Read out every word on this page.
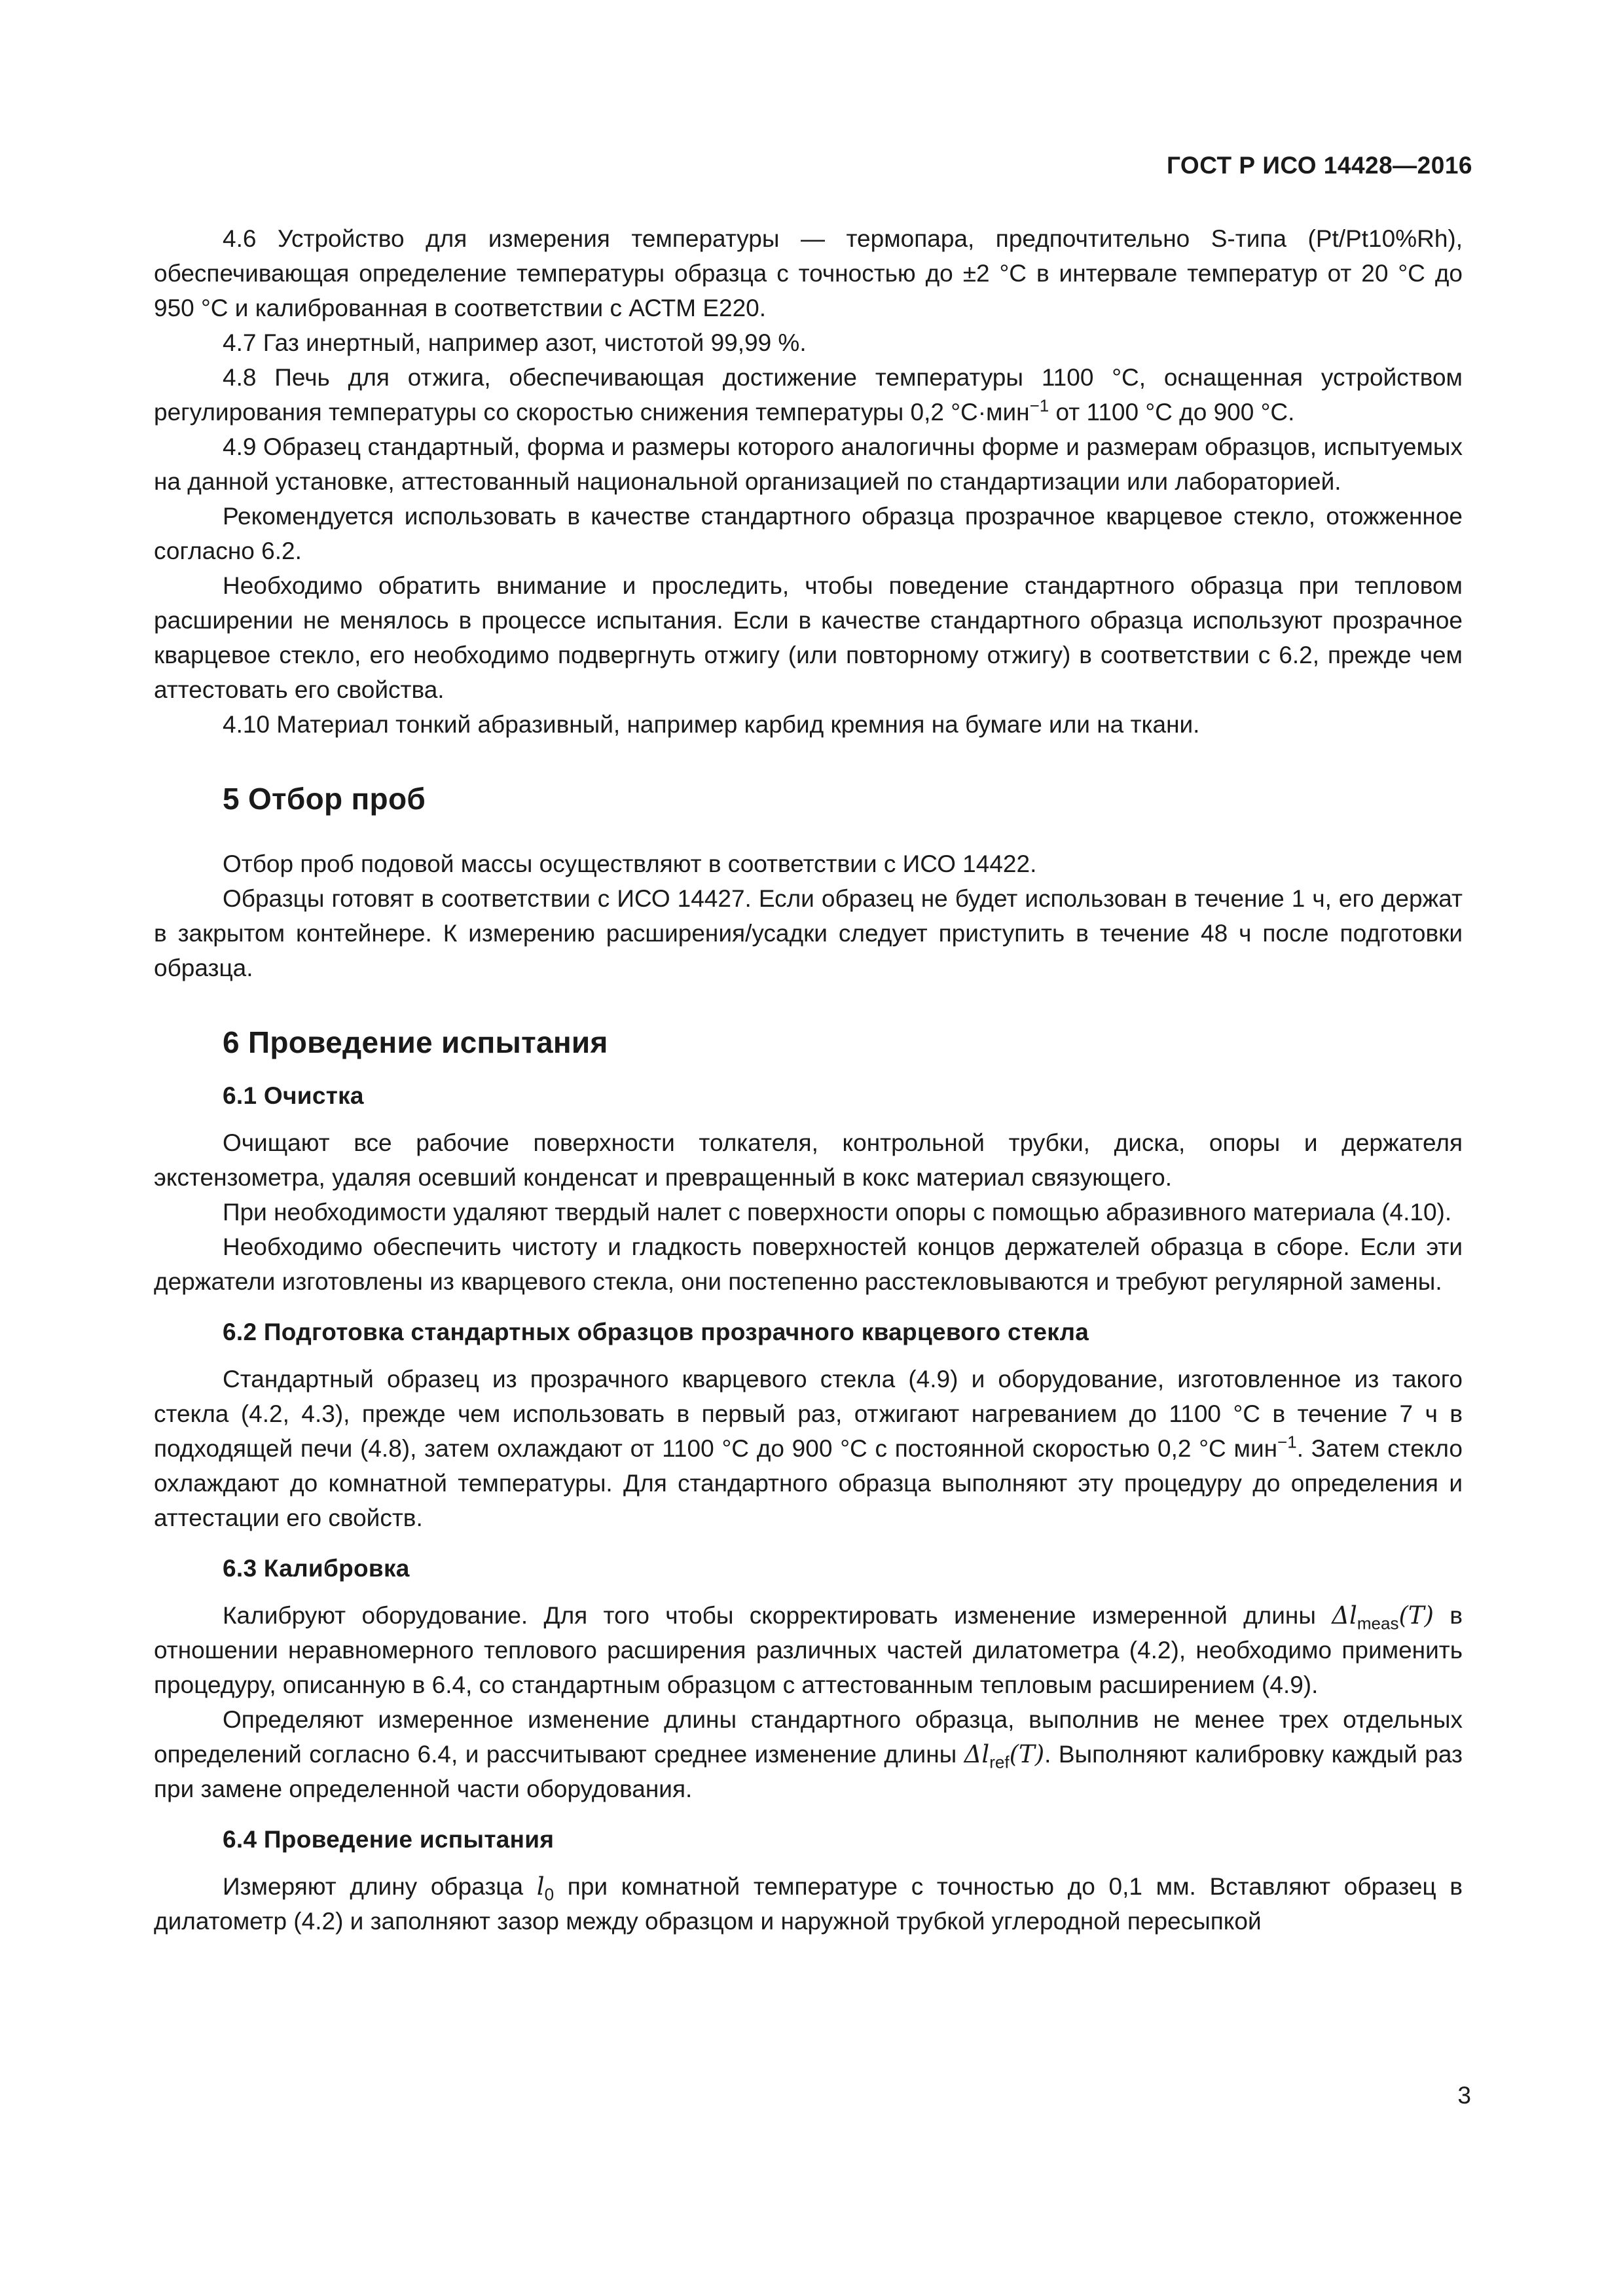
ГОСТ Р ИСО 14428—2016

4.6 Устройство для измерения температуры — термопара, предпочтительно S-типа (Pt/Pt10%Rh), обеспечивающая определение температуры образца с точностью до ±2 °С в интервале температур от 20 °С до 950 °С и калиброванная в соответствии с АСТМ Е220.

4.7 Газ инертный, например азот, чистотой 99,99 %.

4.8 Печь для отжига, обеспечивающая достижение температуры 1100 °С, оснащенная устройством регулирования температуры со скоростью снижения температуры 0,2 °С·мин$^{-1}$ от 1100 °С до 900 °С.

4.9 Образец стандартный, форма и размеры которого аналогичны форме и размерам образцов, испытуемых на данной установке, аттестованный национальной организацией по стандартизации или лабораторией.

Рекомендуется использовать в качестве стандартного образца прозрачное кварцевое стекло, отожженное согласно 6.2.

Необходимо обратить внимание и проследить, чтобы поведение стандартного образца при тепловом расширении не менялось в процессе испытания. Если в качестве стандартного образца используют прозрачное кварцевое стекло, его необходимо подвергнуть отжигу (или повторному отжигу) в соответствии с 6.2, прежде чем аттестовать его свойства.

4.10 Материал тонкий абразивный, например карбид кремния на бумаге или на ткани.

5 Отбор проб

Отбор проб подовой массы осуществляют в соответствии с ИСО 14422.

Образцы готовят в соответствии с ИСО 14427. Если образец не будет использован в течение 1 ч, его держат в закрытом контейнере. К измерению расширения/усадки следует приступить в течение 48 ч после подготовки образца.

6 Проведение испытания
6.1 Очистка

Очищают все рабочие поверхности толкателя, контрольной трубки, диска, опоры и держателя экстензометра, удаляя осевший конденсат и превращенный в кокс материал связующего.

При необходимости удаляют твердый налет с поверхности опоры с помощью абразивного материала (4.10).

Необходимо обеспечить чистоту и гладкость поверхностей концов держателей образца в сборе. Если эти держатели изготовлены из кварцевого стекла, они постепенно расстекловываются и требуют регулярной замены.

6.2 Подготовка стандартных образцов прозрачного кварцевого стекла

Стандартный образец из прозрачного кварцевого стекла (4.9) и оборудование, изготовленное из такого стекла (4.2, 4.3), прежде чем использовать в первый раз, отжигают нагреванием до 1100 °С в течение 7 ч в подходящей печи (4.8), затем охлаждают от 1100 °С до 900 °С с постоянной скоростью 0,2 °С мин$^{-1}$. Затем стекло охлаждают до комнатной температуры. Для стандартного образца выполняют эту процедуру до определения и аттестации его свойств.

6.3 Калибровка

Калибруют оборудование. Для того чтобы скорректировать изменение измеренной длины $\Delta l_{meas}(T)$ в отношении неравномерного теплового расширения различных частей дилатометра (4.2), необходимо применить процедуру, описанную в 6.4, со стандартным образцом с аттестованным тепловым расширением (4.9).

Определяют измеренное изменение длины стандартного образца, выполнив не менее трех отдельных определений согласно 6.4, и рассчитывают среднее изменение длины $\Delta l_{ref}(T)$. Выполняют калибровку каждый раз при замене определенной части оборудования.

6.4 Проведение испытания

Измеряют длину образца $l_0$ при комнатной температуре с точностью до 0,1 мм. Вставляют образец в дилатометр (4.2) и заполняют зазор между образцом и наружной трубкой углеродной пересыпкой

3
